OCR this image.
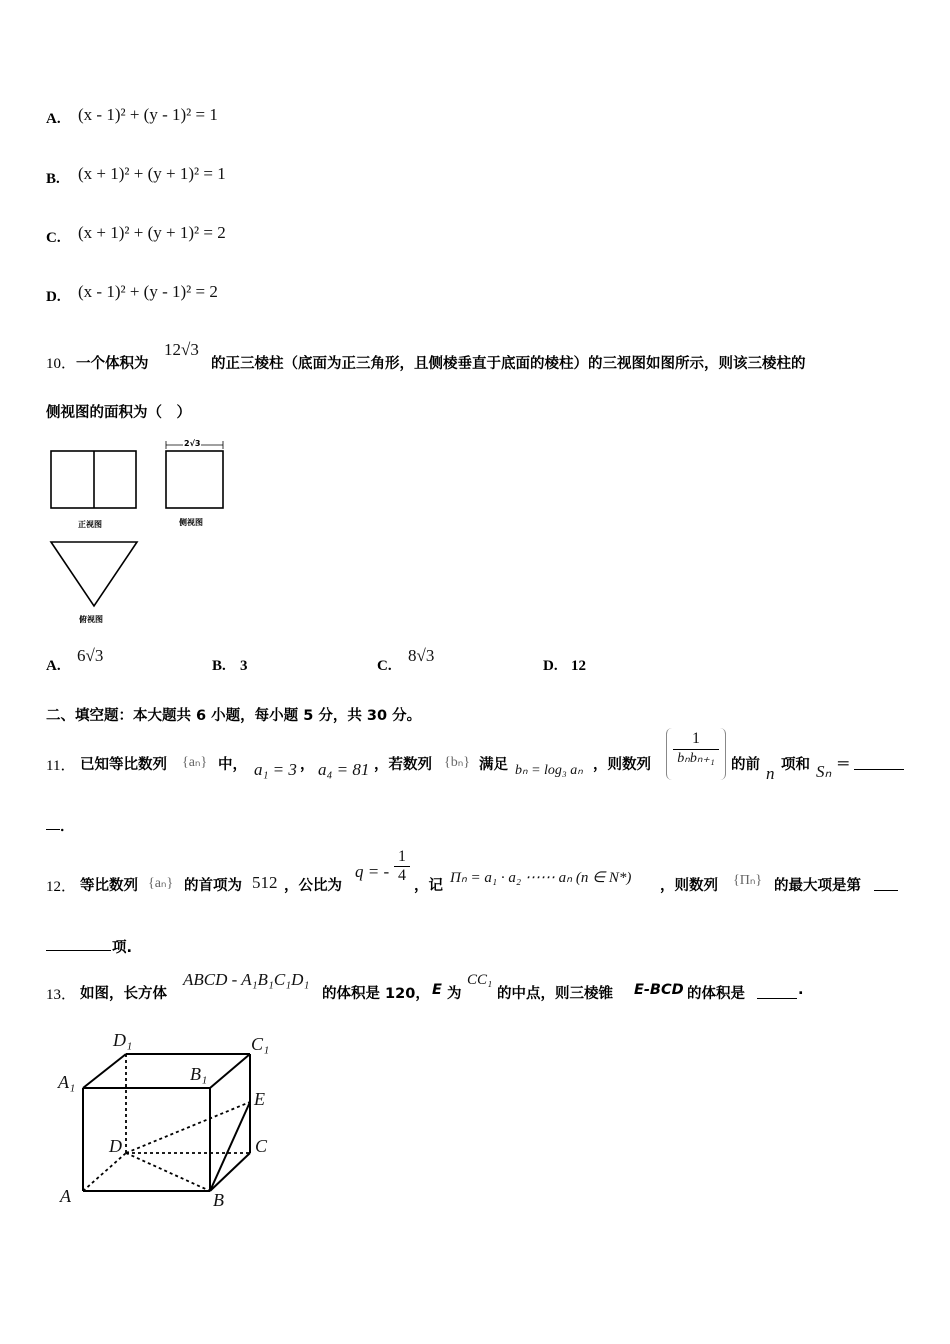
A. (x - 1)² + (y - 1)² = 1
B. (x + 1)² + (y + 1)² = 1
C. (x + 1)² + (y + 1)² = 2
D. (x - 1)² + (y - 1)² = 2
10．一个体积为
12√3
的正三棱柱（底面为正三角形，且侧棱垂直于底面的棱柱）的三视图如图所示，则该三棱柱的
侧视图的面积为（　）
2√3
正视图	侧视图
俯视图
A.
6√3
B. 3	C.
8√3
D. 12
二、填空题：本大题共 6 小题，每小题 5 分，共 30 分。
11． 已知等比数列 {aₙ} 中， a₁ = 3 ， a₄ = 81 ，若数列 {bₙ} 满足 bₙ = log₃ aₙ ，则数列
1
bₙbₙ₊₁	的前 n 项和 Sₙ ＝
．
12． 等比数列 {aₙ} 的首项为 512 ，公比为
q = -
1
4
，记 Πₙ = a₁ · a₂ ⋯⋯ aₙ (n ∈ N*) ，则数列 {Πₙ} 的最大项是第
项.
13． 如图，长方体
ABCD - A₁B₁C₁D₁
的体积是 120， E 为
CC₁
的中点，则三棱锥 E-BCD 的体积是	.
D₁	C₁
A₁	B₁
E
D	C
A	B
